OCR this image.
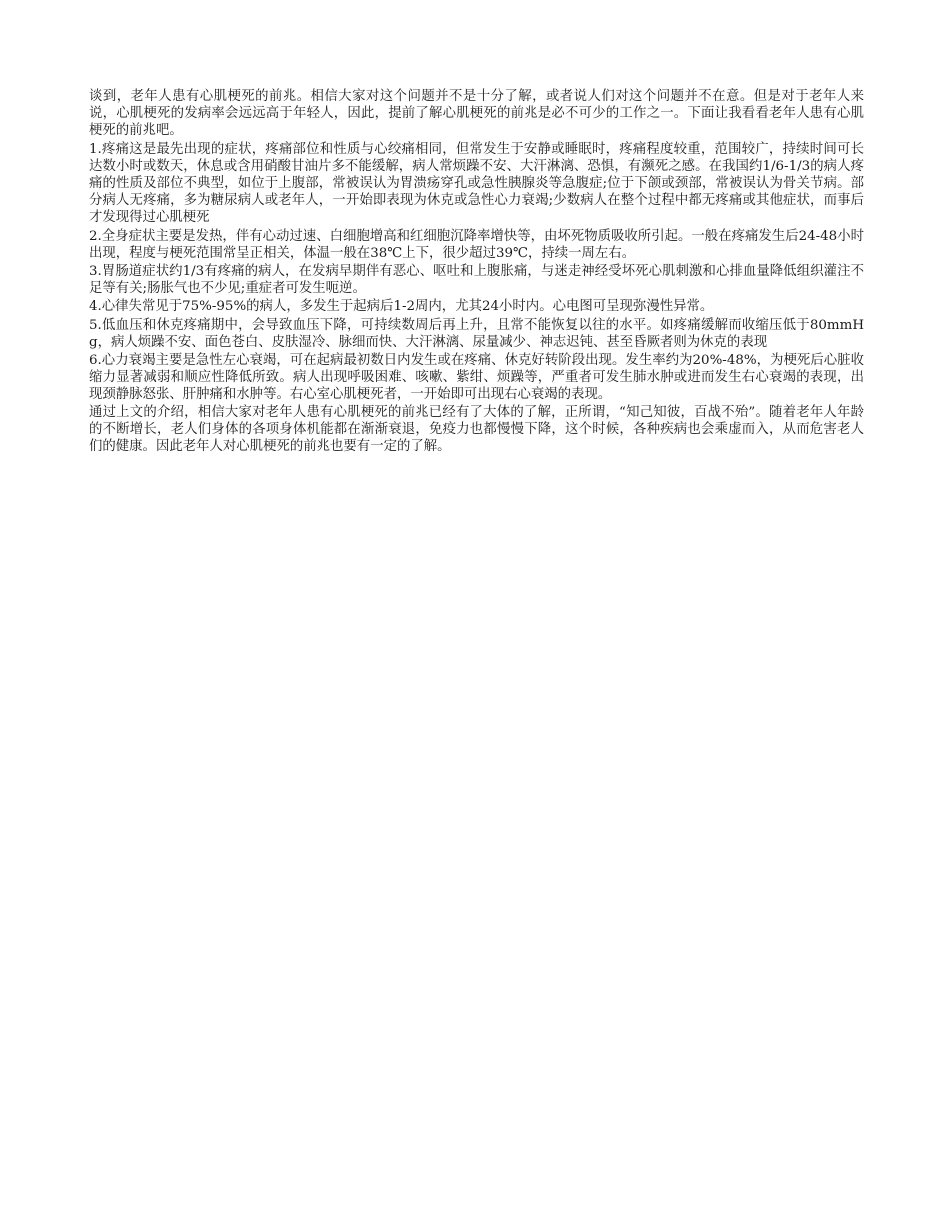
谈到，老年人患有心肌梗死的前兆。相信大家对这个问题并不是十分了解，或者说人们对这个问题并不在意。但是对于老年人来说，心肌梗死的发病率会远远高于年轻人，因此，提前了解心肌梗死的前兆是必不可少的工作之一。下面让我看看老年人患有心肌梗死的前兆吧。

1.疼痛这是最先出现的症状，疼痛部位和性质与心绞痛相同，但常发生于安静或睡眠时，疼痛程度较重，范围较广，持续时间可长达数小时或数天，休息或含用硝酸甘油片多不能缓解，病人常烦躁不安、大汗淋漓、恐惧，有濒死之感。在我国约1/6-1/3的病人疼痛的性质及部位不典型，如位于上腹部，常被误认为胃溃疡穿孔或急性胰腺炎等急腹症;位于下颌或颈部，常被误认为骨关节病。部分病人无疼痛，多为糖尿病人或老年人，一开始即表现为休克或急性心力衰竭;少数病人在整个过程中都无疼痛或其他症状，而事后才发现得过心肌梗死

2.全身症状主要是发热，伴有心动过速、白细胞增高和红细胞沉降率增快等，由坏死物质吸收所引起。一般在疼痛发生后24-48小时出现，程度与梗死范围常呈正相关，体温一般在38℃上下，很少超过39℃，持续一周左右。

3.胃肠道症状约1/3有疼痛的病人，在发病早期伴有恶心、呕吐和上腹胀痛，与迷走神经受坏死心肌刺激和心排血量降低组织灌注不足等有关;肠胀气也不少见;重症者可发生呃逆。

4.心律失常见于75%-95%的病人，多发生于起病后1-2周内，尤其24小时内。心电图可呈现弥漫性异常。

5.低血压和休克疼痛期中，会导致血压下降，可持续数周后再上升，且常不能恢复以往的水平。如疼痛缓解而收缩压低于80mmHg，病人烦躁不安、面色苍白、皮肤湿冷、脉细而快、大汗淋漓、尿量减少、神志迟钝、甚至昏厥者则为休克的表现

6.心力衰竭主要是急性左心衰竭，可在起病最初数日内发生或在疼痛、休克好转阶段出现。发生率约为20%-48%，为梗死后心脏收缩力显著减弱和顺应性降低所致。病人出现呼吸困难、咳嗽、紫绀、烦躁等，严重者可发生肺水肿或进而发生右心衰竭的表现，出现颈静脉怒张、肝肿痛和水肿等。右心室心肌梗死者，一开始即可出现右心衰竭的表现。

通过上文的介绍，相信大家对老年人患有心肌梗死的前兆已经有了大体的了解，正所谓，“知己知彼，百战不殆”。随着老年人年龄的不断增长，老人们身体的各项身体机能都在渐渐衰退，免疫力也都慢慢下降，这个时候，各种疾病也会乘虚而入，从而危害老人们的健康。因此老年人对心肌梗死的前兆也要有一定的了解。
